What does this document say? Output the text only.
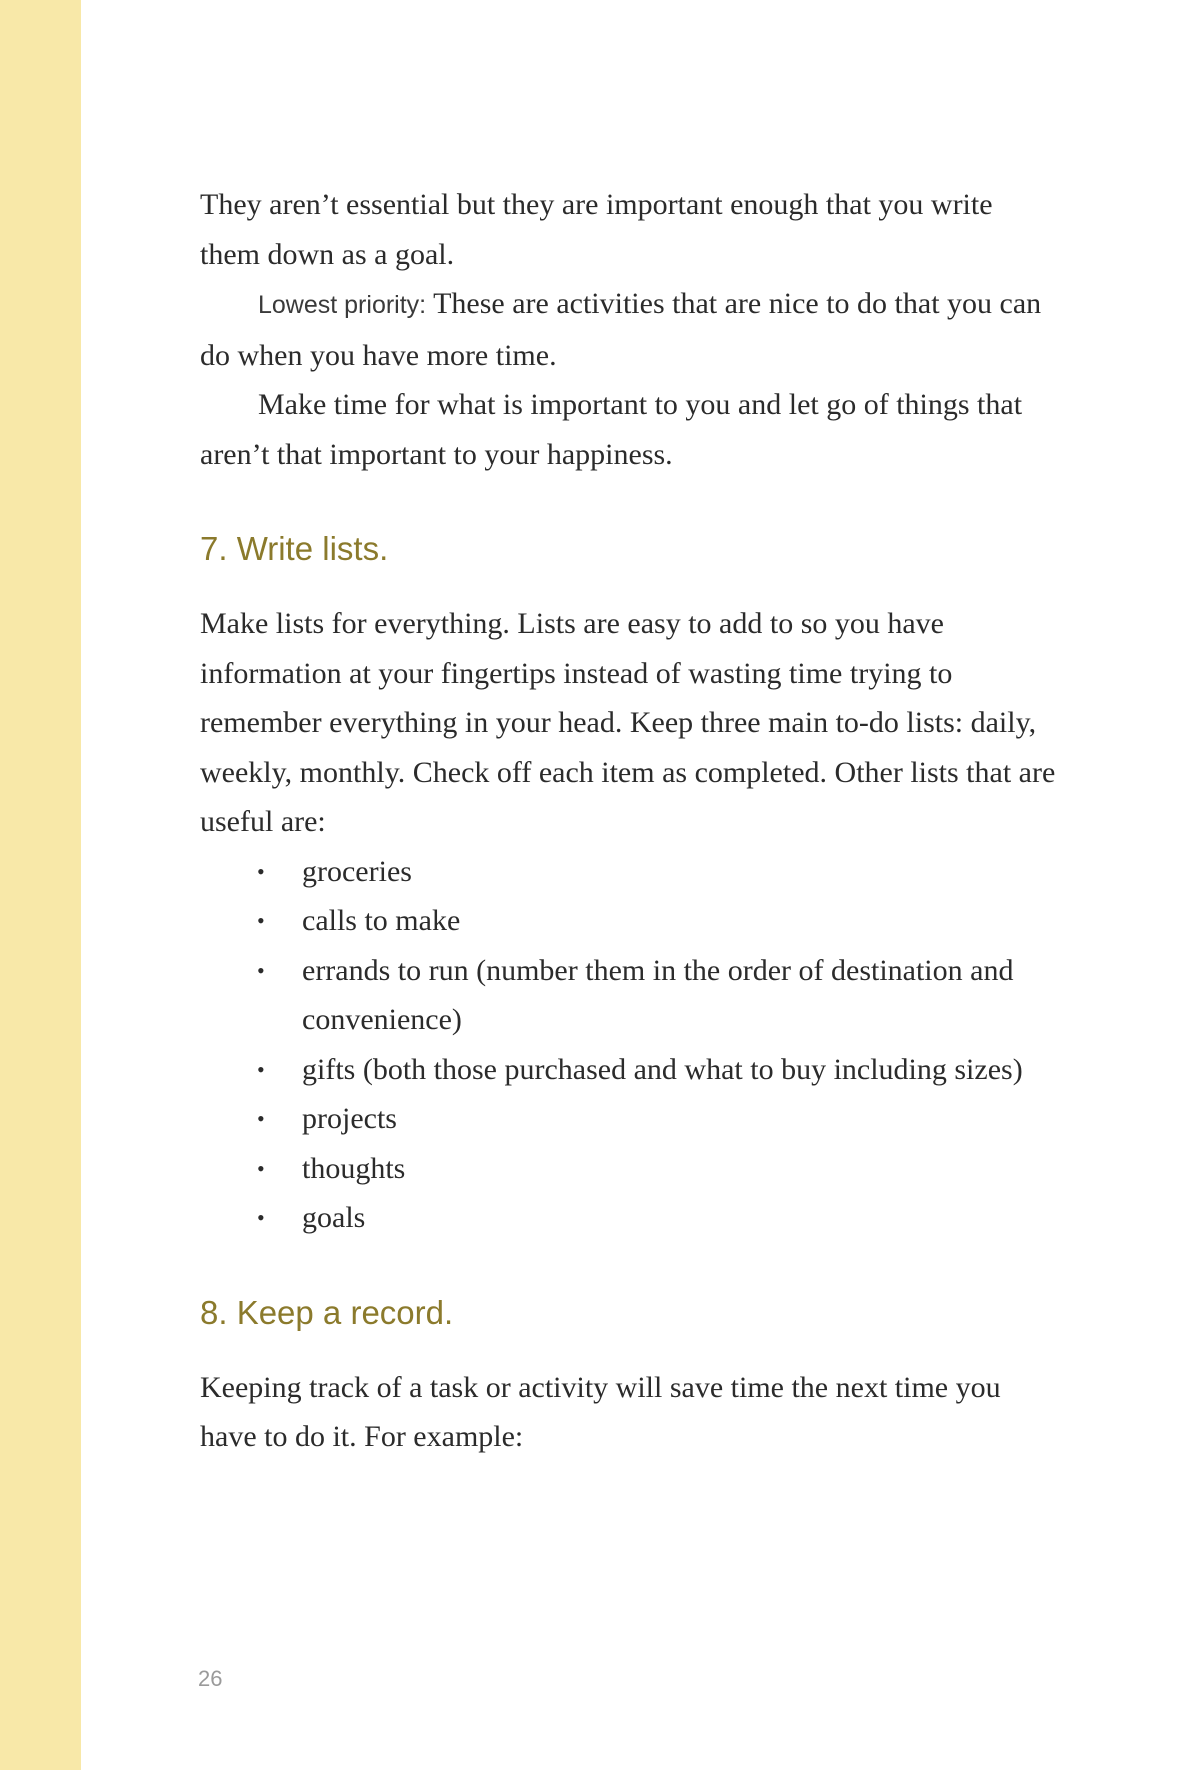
They aren’t essential but they are important enough that you write them down as a goal.

Lowest priority: These are activities that are nice to do that you can do when you have more time.

Make time for what is important to you and let go of things that aren’t that important to your happiness.

7. Write lists.

Make lists for everything. Lists are easy to add to so you have information at your fingertips instead of wasting time trying to remember everything in your head. Keep three main to-do lists: daily, weekly, monthly. Check off each item as completed. Other lists that are useful are:

• groceries
• calls to make
• errands to run (number them in the order of destination and convenience)
• gifts (both those purchased and what to buy including sizes)
• projects
• thoughts
• goals
8. Keep a record.

Keeping track of a task or activity will save time the next time you have to do it. For example:

26
